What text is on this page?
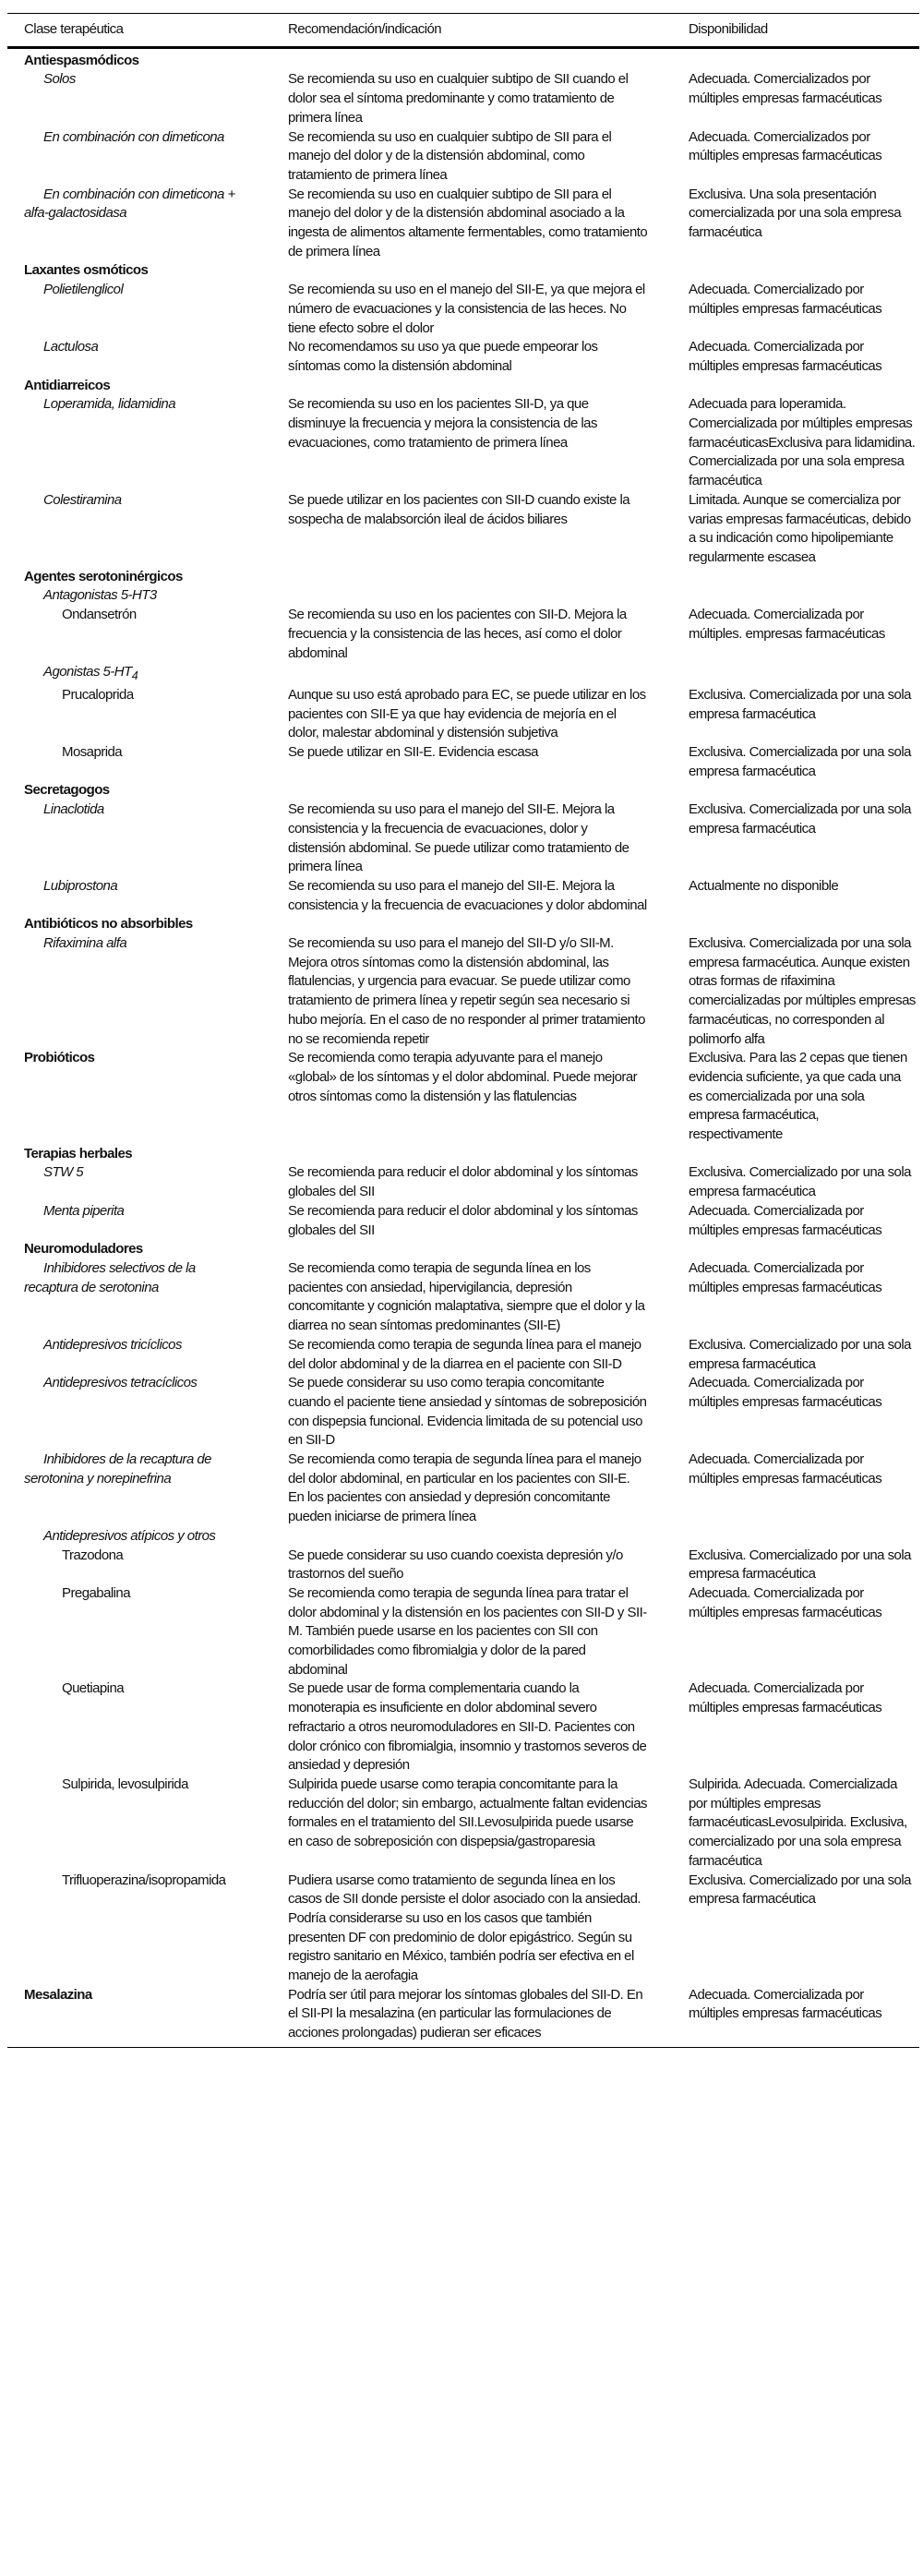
Clase terapéutica	Recomendación/indicación	Disponibilidad
Antiespasmódicos		
Solos	Se recomienda su uso en cualquier subtipo de SII cuando el dolor sea el síntoma predominante y como tratamiento de primera línea	Adecuada. Comercializados por múltiples empresas farmacéuticas
En combinación con dimeticona	Se recomienda su uso en cualquier subtipo de SII para el manejo del dolor y de la distensión abdominal, como tratamiento de primera línea	Adecuada. Comercializados por múltiples empresas farmacéuticas
En combinación con dimeticona + alfa-galactosidasa	Se recomienda su uso en cualquier subtipo de SII para el manejo del dolor y de la distensión abdominal asociado a la ingesta de alimentos altamente fermentables, como tratamiento de primera línea	Exclusiva. Una sola presentación comercializada por una sola empresa farmacéutica
Laxantes osmóticos		
Polietilenglicol	Se recomienda su uso en el manejo del SII-E, ya que mejora el número de evacuaciones y la consistencia de las heces. No tiene efecto sobre el dolor	Adecuada. Comercializado por múltiples empresas farmacéuticas
Lactulosa	No recomendamos su uso ya que puede empeorar los síntomas como la distensión abdominal	Adecuada. Comercializada por múltiples empresas farmacéuticas
Antidiarreicos		
Loperamida, lidamidina	Se recomienda su uso en los pacientes SII-D, ya que disminuye la frecuencia y mejora la consistencia de las evacuaciones, como tratamiento de primera línea	Adecuada para loperamida. Comercializada por múltiples empresas farmacéuticasExclusiva para lidamidina. Comercializada por una sola empresa farmacéutica
Colestiramina	Se puede utilizar en los pacientes con SII-D cuando existe la sospecha de malabsorción ileal de ácidos biliares	Limitada. Aunque se comercializa por varias empresas farmacéuticas, debido a su indicación como hipolipemiante regularmente escasea
Agentes serotoninérgicos		
Antagonistas 5-HT3		
Ondansetrón	Se recomienda su uso en los pacientes con SII-D. Mejora la frecuencia y la consistencia de las heces, así como el dolor abdominal	Adecuada. Comercializada por múltiples. empresas farmacéuticas
Agonistas $5-HT_4$		
Prucaloprida	Aunque su uso está aprobado para EC, se puede utilizar en los pacientes con SII-E ya que hay evidencia de mejoría en el dolor, malestar abdominal y distensión subjetiva	Exclusiva. Comercializada por una sola empresa farmacéutica
Mosaprida	Se puede utilizar en SII-E. Evidencia escasa	Exclusiva. Comercializada por una sola empresa farmacéutica
Secretagogos		
Linaclotida	Se recomienda su uso para el manejo del SII-E. Mejora la consistencia y la frecuencia de evacuaciones, dolor y distensión abdominal. Se puede utilizar como tratamiento de primera línea	Exclusiva. Comercializada por una sola empresa farmacéutica
Lubiprostona	Se recomienda su uso para el manejo del SII-E. Mejora la consistencia y la frecuencia de evacuaciones y dolor abdominal	Actualmente no disponible
Antibióticos no absorbibles		
Rifaximina alfa	Se recomienda su uso para el manejo del SII-D y/o SII-M. Mejora otros síntomas como la distensión abdominal, las flatulencias, y urgencia para evacuar. Se puede utilizar como tratamiento de primera línea y repetir según sea necesario si hubo mejoría. En el caso de no responder al primer tratamiento no se recomienda repetir	Exclusiva. Comercializada por una sola empresa farmacéutica. Aunque existen otras formas de rifaximina comercializadas por múltiples empresas farmacéuticas, no corresponden al polimorfo alfa
Probióticos	Se recomienda como terapia adyuvante para el manejo «global» de los síntomas y el dolor abdominal. Puede mejorar otros síntomas como la distensión y las flatulencias	Exclusiva. Para las 2 cepas que tienen evidencia suficiente, ya que cada una es comercializada por una sola empresa farmacéutica, respectivamente
Terapias herbales		
STW 5	Se recomienda para reducir el dolor abdominal y los síntomas globales del SII	Exclusiva. Comercializado por una sola empresa farmacéutica
Menta piperita	Se recomienda para reducir el dolor abdominal y los síntomas globales del SII	Adecuada. Comercializada por múltiples empresas farmacéuticas
Neuromoduladores		
Inhibidores selectivos de la recaptura de serotonina	Se recomienda como terapia de segunda línea en los pacientes con ansiedad, hipervigilancia, depresión concomitante y cognición malaptativa, siempre que el dolor y la diarrea no sean síntomas predominantes (SII-E)	Adecuada. Comercializada por múltiples empresas farmacéuticas
Antidepresivos tricíclicos	Se recomienda como terapia de segunda línea para el manejo del dolor abdominal y de la diarrea en el paciente con SII-D	Exclusiva. Comercializado por una sola empresa farmacéutica
Antidepresivos tetracíclicos	Se puede considerar su uso como terapia concomitante cuando el paciente tiene ansiedad y síntomas de sobreposición con dispepsia funcional. Evidencia limitada de su potencial uso en SII-D	Adecuada. Comercializada por múltiples empresas farmacéuticas
Inhibidores de la recaptura de serotonina y norepinefrina	Se recomienda como terapia de segunda línea para el manejo del dolor abdominal, en particular en los pacientes con SII-E. En los pacientes con ansiedad y depresión concomitante pueden iniciarse de primera línea	Adecuada. Comercializada por múltiples empresas farmacéuticas
Antidepresivos atípicos y otros		
Trazodona	Se puede considerar su uso cuando coexista depresión y/o trastornos del sueño	Exclusiva. Comercializado por una sola empresa farmacéutica
Pregabalina	Se recomienda como terapia de segunda línea para tratar el dolor abdominal y la distensión en los pacientes con SII-D y SII-M. También puede usarse en los pacientes con SII con comorbilidades como fibromialgia y dolor de la pared abdominal	Adecuada. Comercializada por múltiples empresas farmacéuticas
Quetiapina	Se puede usar de forma complementaria cuando la monoterapia es insuficiente en dolor abdominal severo refractario a otros neuromoduladores en SII-D. Pacientes con dolor crónico con fibromialgia, insomnio y trastornos severos de ansiedad y depresión	Adecuada. Comercializada por múltiples empresas farmacéuticas
Sulpirida, levosulpirida	Sulpirida puede usarse como terapia concomitante para la reducción del dolor; sin embargo, actualmente faltan evidencias formales en el tratamiento del SII.Levosulpirida puede usarse en caso de sobreposición con dispepsia/gastroparesia	Sulpirida. Adecuada. Comercializada por múltiples empresas farmacéuticasLevosulpirida. Exclusiva, comercializado por una sola empresa farmacéutica
Trifluoperazina/isopropamida	Pudiera usarse como tratamiento de segunda línea en los casos de SII donde persiste el dolor asociado con la ansiedad. Podría considerarse su uso en los casos que también presenten DF con predominio de dolor epigástrico. Según su registro sanitario en México, también podría ser efectiva en el manejo de la aerofagia	Exclusiva. Comercializado por una sola empresa farmacéutica
Mesalazina	Podría ser útil para mejorar los síntomas globales del SII-D. En el SII-PI la mesalazina (en particular las formulaciones de acciones prolongadas) pudieran ser eficaces	Adecuada. Comercializada por múltiples empresas farmacéuticas
